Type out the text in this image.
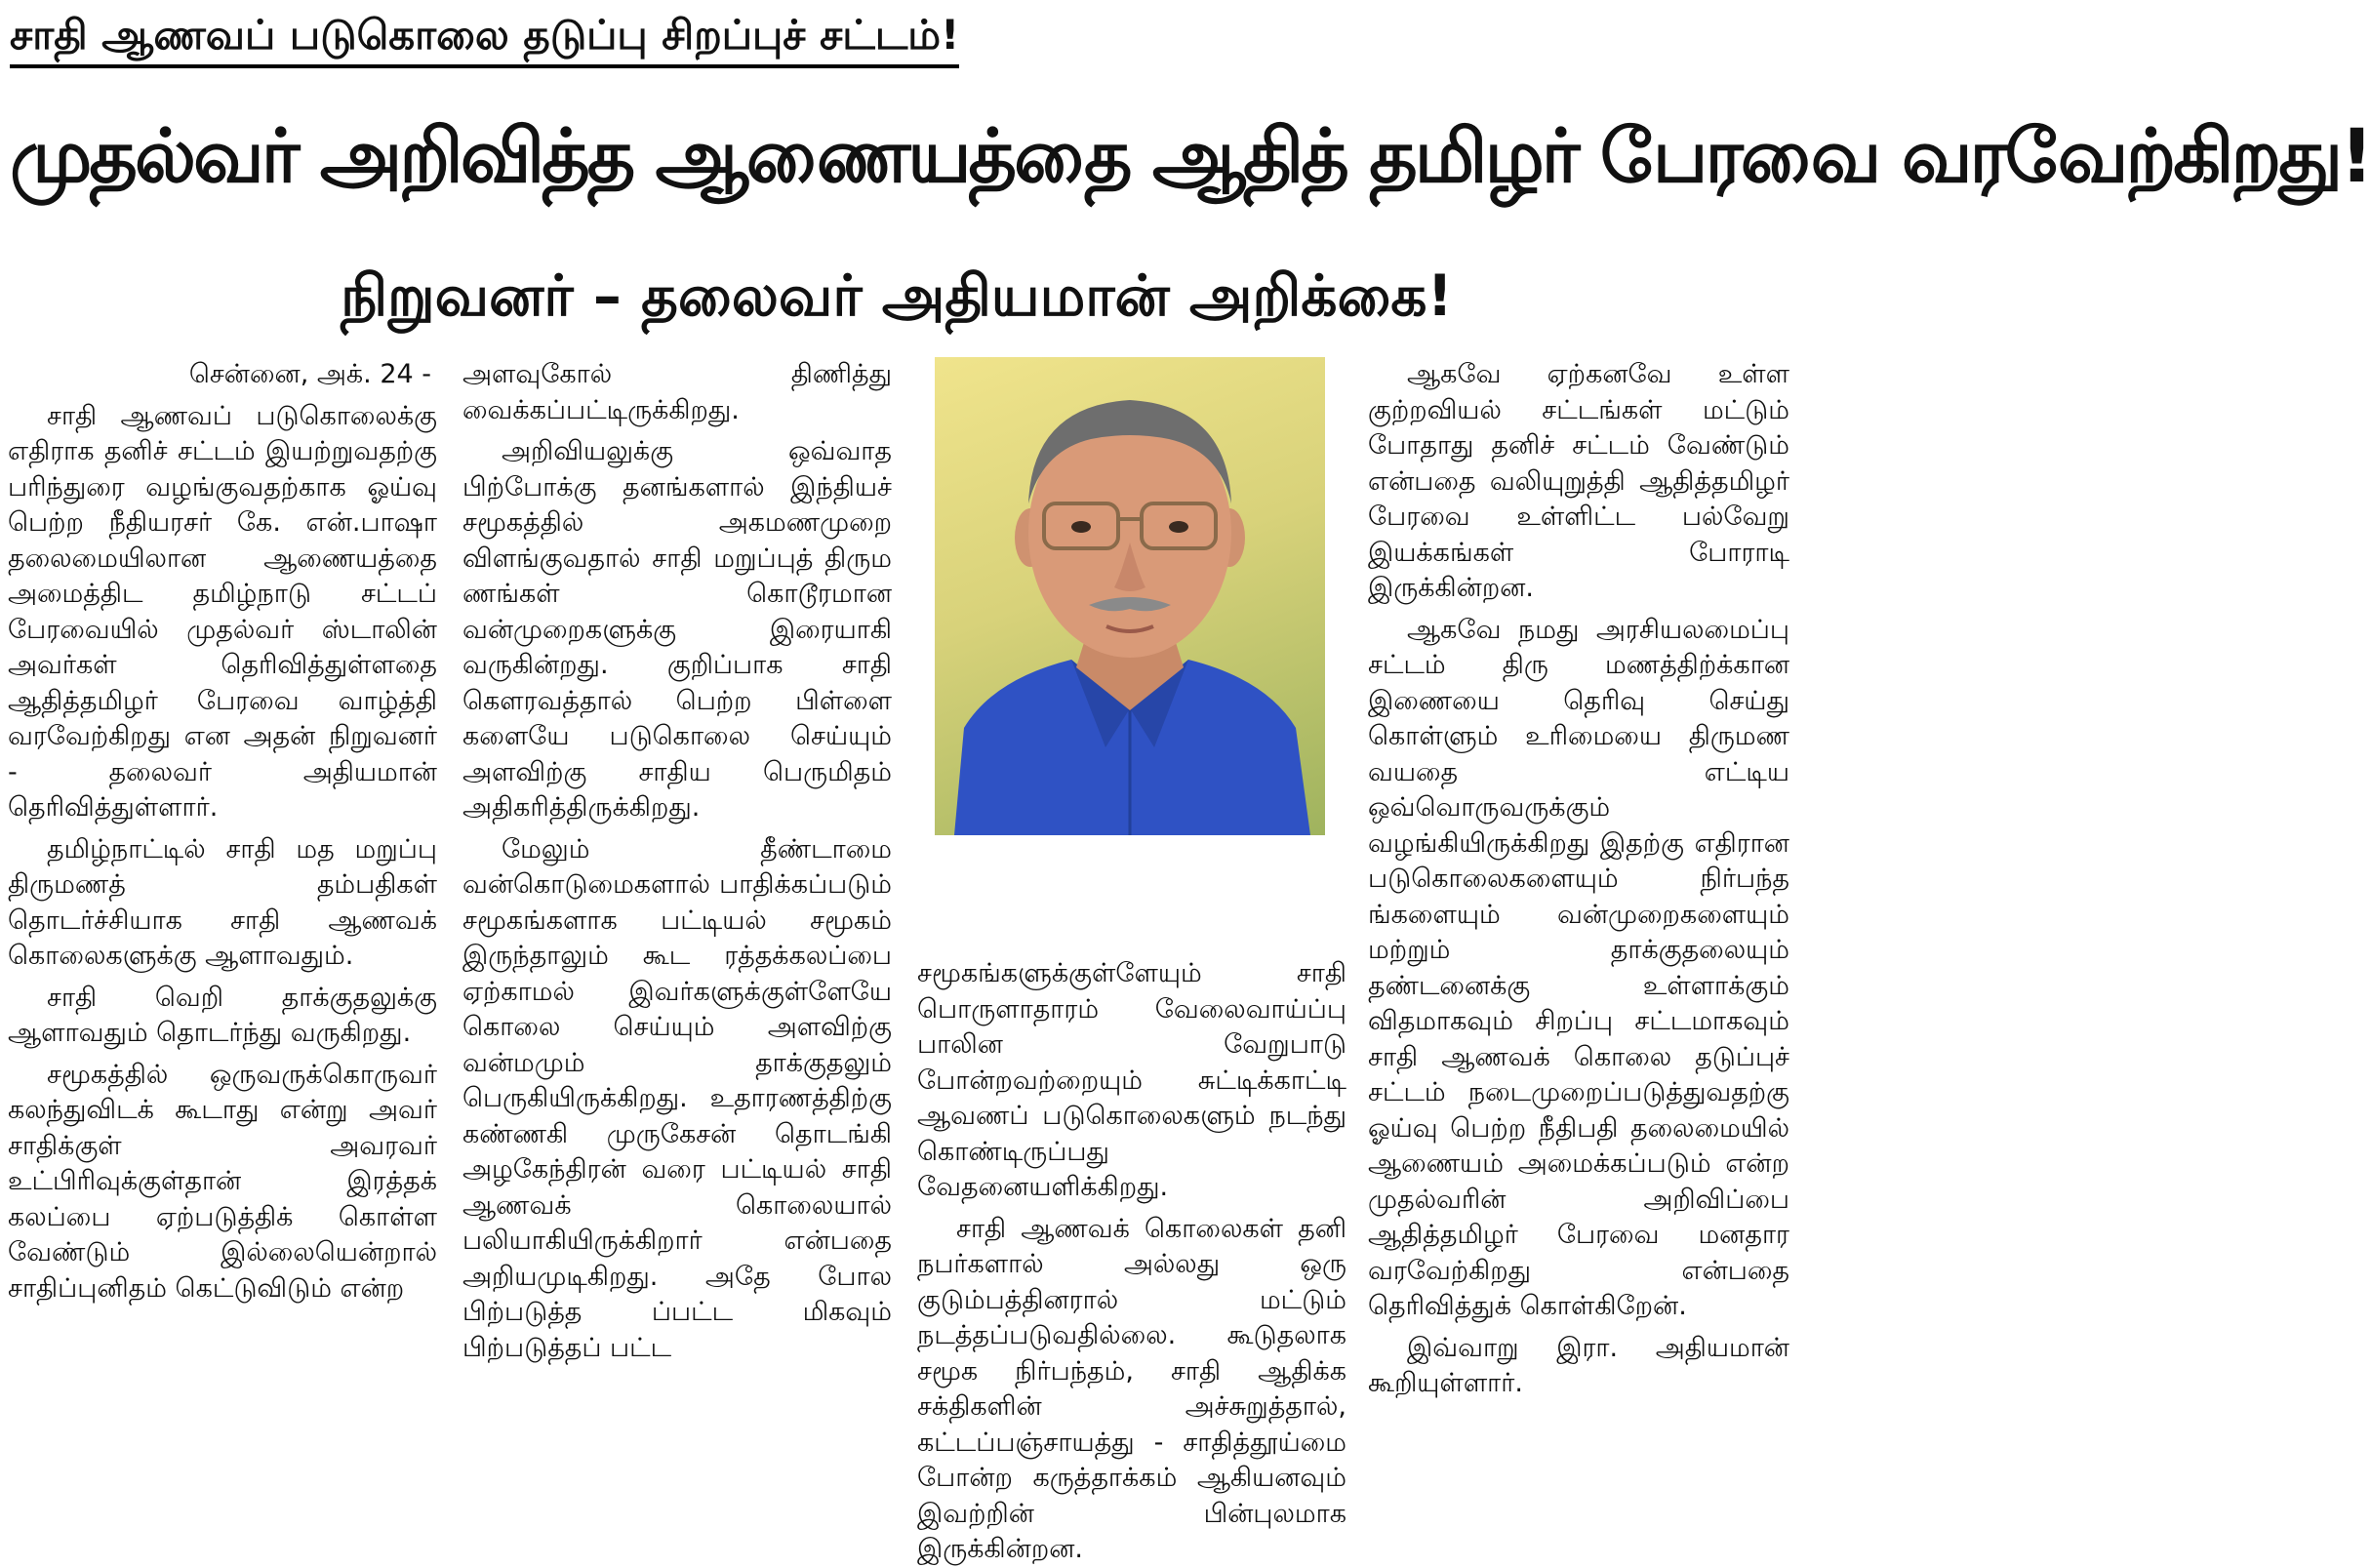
சாதி ஆணவப் படுகொலை தடுப்பு சிறப்புச் சட்டம்!
முதல்வர் அறிவித்த ஆணையத்தை ஆதித் தமிழர் பேரவை வரவேற்கிறது!
நிறுவனர் – தலைவர் அதியமான் அறிக்கை!

சென்னை, அக். 24 -

சாதி ஆணவப் படுகொலைக்கு எதிராக தனிச் சட்டம் இயற்றுவதற்கு பரிந்துரை வழங்குவதற்காக ஓய்வு பெற்ற நீதியரசர் கே. என்.பாஷா தலைமையிலான ஆணையத்தை அமைத்திட தமிழ்நாடு சட்டப் பேரவையில் முதல்வர் ஸ்டாலின் அவர்கள் தெரிவித்துள்ளதை ஆதித்தமிழர் பேரவை வாழ்த்தி வரவேற்கிறது என அதன் நிறுவனர் - தலைவர் அதியமான் தெரிவித்துள்ளார்.

தமிழ்நாட்டில் சாதி மத மறுப்பு திருமணத் தம்பதிகள் தொடர்ச்சியாக சாதி ஆணவக் கொலைகளுக்கு ஆளாவதும்.

சாதி வெறி தாக்குதலுக்கு ஆளாவதும் தொடர்ந்து வருகிறது.

சமூகத்தில் ஒருவருக்கொருவர் கலந்துவிடக் கூடாது என்று அவர் சாதிக்குள் அவரவர் உட்பிரிவுக்குள்தான் இரத்தக் கலப்பை ஏற்படுத்திக் கொள்ள வேண்டும் இல்லையென்றால் சாதிப்புனிதம் கெட்டுவிடும் என்ற

அளவுகோல் திணித்து வைக்கப்பட்டிருக்கிறது.

அறிவியலுக்கு ஒவ்வாத பிற்போக்கு தனங்களால் இந்தியச் சமூகத்தில் அகமணமுறை விளங்குவதால் சாதி மறுப்புத் திரும ணங்கள் கொடூரமான வன்முறைகளுக்கு இரையாகி வருகின்றது. குறிப்பாக சாதி கௌரவத்தால் பெற்ற பிள்ளை களையே படுகொலை செய்யும் அளவிற்கு சாதிய பெருமிதம் அதிகரித்திருக்கிறது.

மேலும் தீண்டாமை வன்கொடுமைகளால் பாதிக்கப்படும் சமூகங்களாக பட்டியல் சமூகம் இருந்தாலும் கூட ரத்தக்கலப்பை ஏற்காமல் இவர்களுக்குள்ளேயே கொலை செய்யும் அளவிற்கு வன்மமும் தாக்குதலும் பெருகியிருக்கிறது. உதாரணத்திற்கு கண்ணகி முருகேசன் தொடங்கி அழகேந்திரன் வரை பட்டியல் சாதி ஆணவக் கொலையால் பலியாகியிருக்கிறார் என்பதை அறியமுடிகிறது. அதே போல பிற்படுத்த ப்பட்ட மிகவும் பிற்படுத்தப் பட்ட

சமூகங்களுக்குள்ளேயும் சாதி பொருளாதாரம் வேலைவாய்ப்பு பாலின வேறுபாடு போன்றவற்றையும் சுட்டிக்காட்டி ஆவணப் படுகொலைகளும் நடந்து கொண்டிருப்பது வேதனையளிக்கிறது.

சாதி ஆணவக் கொலைகள் தனி நபர்களால் அல்லது ஒரு குடும்பத்தினரால் மட்டும் நடத்தப்படுவதில்லை. கூடுதலாக சமூக நிர்பந்தம், சாதி ஆதிக்க சக்திகளின் அச்சுறுத்தால், கட்டப்பஞ்சாயத்து - சாதித்தூய்மை போன்ற கருத்தாக்கம் ஆகியனவும் இவற்றின் பின்புலமாக இருக்கின்றன.

ஆகவே ஏற்கனவே உள்ள குற்றவியல் சட்டங்கள் மட்டும் போதாது தனிச் சட்டம் வேண்டும் என்பதை வலியுறுத்தி ஆதித்தமிழர் பேரவை உள்ளிட்ட பல்வேறு இயக்கங்கள் போராடி இருக்கின்றன.

ஆகவே நமது அரசியலமைப்பு சட்டம் திரு மணத்திற்க்கான இணையை தெரிவு செய்து கொள்ளும் உரிமையை திருமண வயதை எட்டிய ஒவ்வொருவருக்கும் வழங்கியிருக்கிறது இதற்கு எதிரான படுகொலைகளையும் நிர்பந்த ங்களையும் வன்முறைகளையும் மற்றும் தாக்குதலையும் தண்டனைக்கு உள்ளாக்கும் விதமாகவும் சிறப்பு சட்டமாகவும் சாதி ஆணவக் கொலை தடுப்புச் சட்டம் நடைமுறைப்படுத்துவதற்கு ஓய்வு பெற்ற நீதிபதி தலைமையில் ஆணையம் அமைக்கப்படும் என்ற முதல்வரின் அறிவிப்பை ஆதித்தமிழர் பேரவை மனதார வரவேற்கிறது என்பதை தெரிவித்துக் கொள்கிறேன்.

இவ்வாறு இரா. அதியமான் கூறியுள்ளார்.
